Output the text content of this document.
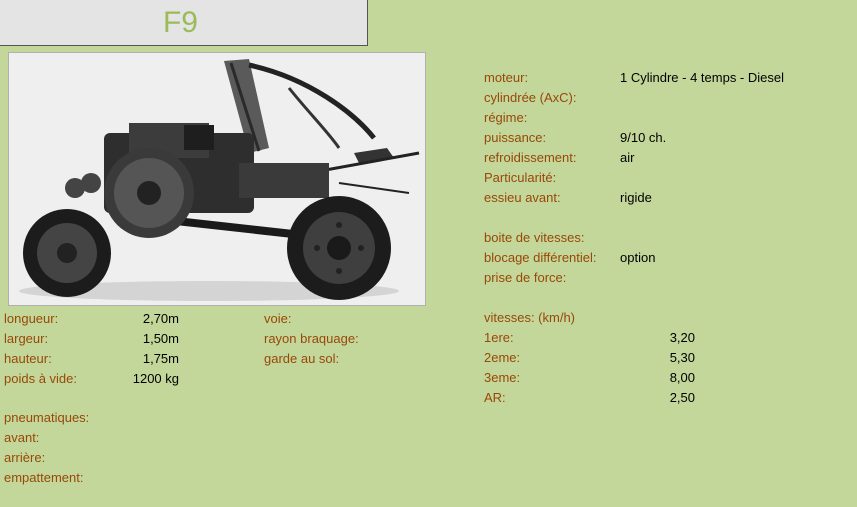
F9
moteur:	1 Cylindre - 4 temps - Diesel
cylindrée (AxC):
régime:
puissance:	9/10 ch.
refroidissement:	air
Particularité:
essieu avant:	rigide
boite de vitesses:
blocage différentiel: option
prise de force:
vitesses: (km/h)
1ere:	3,20
2eme:	5,30
3eme:	8,00
AR:	2,50
longueur:	2,70m
largeur:	1,50m
hauteur:	1,75m
poids à vide:	1200 kg
voie:
rayon braquage:
garde au sol:
pneumatiques:
avant:
arrière:
empattement:
